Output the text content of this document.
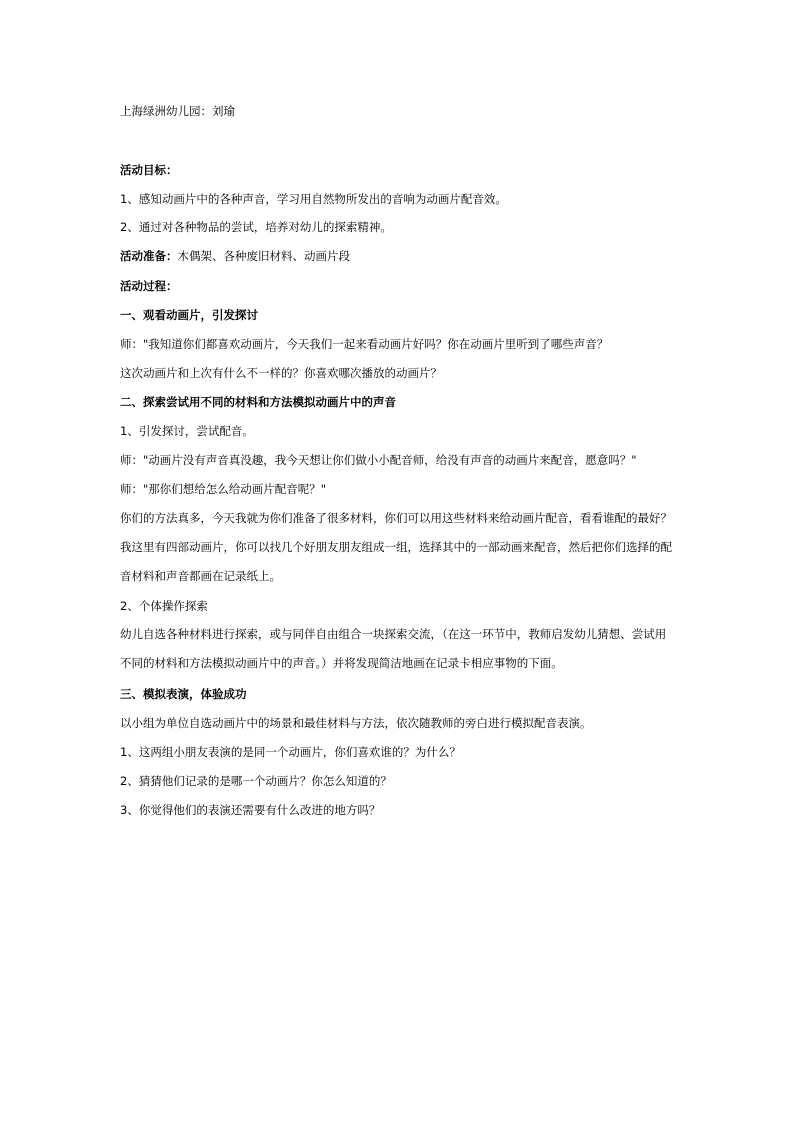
上海绿洲幼儿园：刘瑜
活动目标：
1、感知动画片中的各种声音，学习用自然物所发出的音响为动画片配音效。
2、通过对各种物品的尝试，培养对幼儿的探索精神。
活动准备：木偶架、各种废旧材料、动画片段
活动过程：
一、观看动画片，引发探讨
师："我知道你们都喜欢动画片，今天我们一起来看动画片好吗？你在动画片里听到了哪些声音？
这次动画片和上次有什么不一样的？你喜欢哪次播放的动画片？
二、探索尝试用不同的材料和方法模拟动画片中的声音
1、引发探讨，尝试配音。
师："动画片没有声音真没趣，我今天想让你们做小小配音师，给没有声音的动画片来配音，愿意吗？"
师："那你们想给怎么给动画片配音呢？"
你们的方法真多，今天我就为你们准备了很多材料，你们可以用这些材料来给动画片配音，看看谁配的最好？我这里有四部动画片，你可以找几个好朋友朋友组成一组，选择其中的一部动画来配音，然后把你们选择的配音材料和声音都画在记录纸上。
2、个体操作探索
幼儿自选各种材料进行探索，或与同伴自由组合一块探索交流，（在这一环节中，教师启发幼儿猜想、尝试用不同的材料和方法模拟动画片中的声音。）并将发现简洁地画在记录卡相应事物的下面。
三、模拟表演，体验成功
以小组为单位自选动画片中的场景和最佳材料与方法，依次随教师的旁白进行模拟配音表演。
1、这两组小朋友表演的是同一个动画片，你们喜欢谁的？为什么？
2、猜猜他们记录的是哪一个动画片？你怎么知道的？
3、你觉得他们的表演还需要有什么改进的地方吗？
